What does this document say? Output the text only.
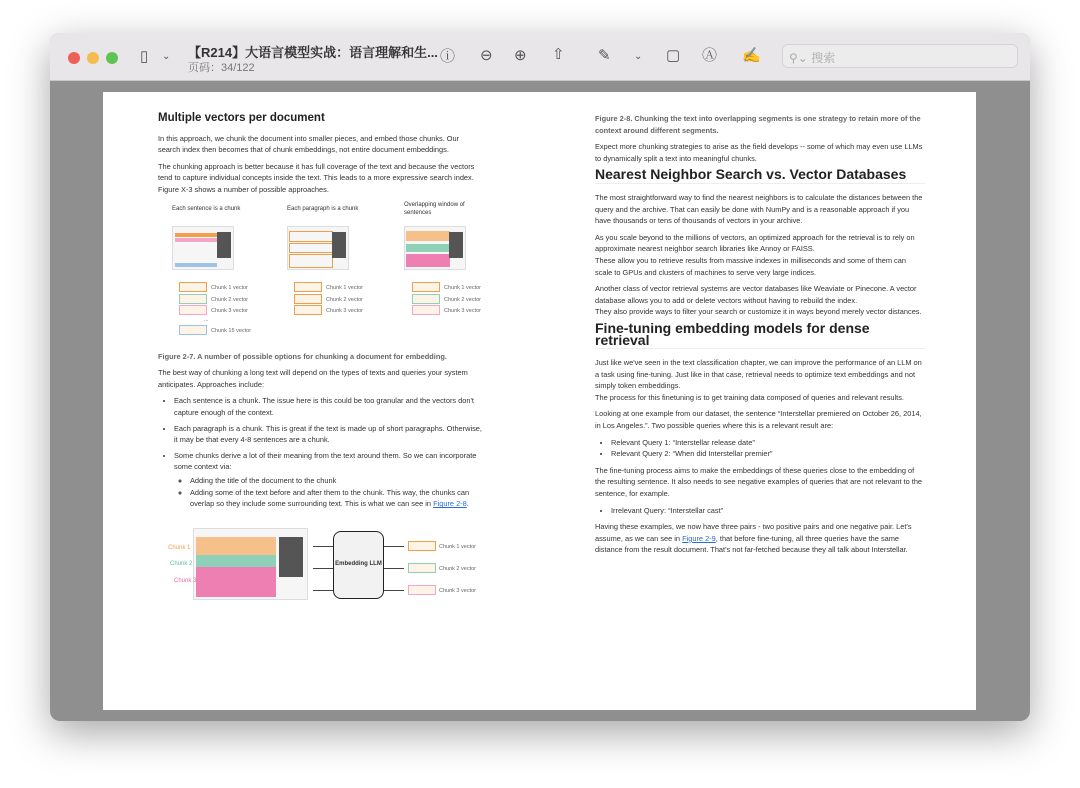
▯ ⌄ 【R214】大语言模型实战：语言理解和生...
页码：34/122
ⓘ ⊖ ⊕ ⇧ ✎ ⌄ ▢ Ⓐ ✍	⚲⌄ 搜索
Multiple vectors per document

In this approach, we chunk the document into smaller pieces, and embed those chunks. Our search index then becomes that of chunk embeddings, not entire document embeddings.

The chunking approach is better because it has full coverage of the text and because the vectors tend to capture individual concepts inside the text. This leads to a more expressive search index. Figure X-3 shows a number of possible approaches.

Each sentence is a chunk	Each paragraph is a chunk
Overlapping window of sentences
Chunk 1 vector
Chunk 2 vector
Chunk 3 vector
...
Chunk 15 vector
Chunk 1 vector
Chunk 2 vector
Chunk 3 vector
Chunk 1 vector
Chunk 2 vector
Chunk 3 vector

Figure 2-7. A number of possible options for chunking a document for embedding.

The best way of chunking a long text will depend on the types of texts and queries your system anticipates. Approaches include:

• Each sentence is a chunk. The issue here is this could be too granular and the vectors don't capture enough of the context.
• Each paragraph is a chunk. This is great if the text is made up of short paragraphs. Otherwise, it may be that every 4-8 sentences are a chunk.
• Some chunks derive a lot of their meaning from the text around them. So we can incorporate some context via:
◦ Adding the title of the document to the chunk
◦ Adding some of the text before and after them to the chunk. This way, the chunks can overlap so they include some surrounding text. This is what we can see in Figure 2-8.
Chunk 1
Chunk 2
Chunk 3
Embedding LLM
Chunk 1 vector
Chunk 2 vector
Chunk 3 vector

Figure 2-8. Chunking the text into overlapping segments is one strategy to retain more of the context around different segments.

Expect more chunking strategies to arise as the field develops -- some of which may even use LLMs to dynamically split a text into meaningful chunks.

Nearest Neighbor Search vs. Vector Databases

The most straightforward way to find the nearest neighbors is to calculate the distances between the query and the archive. That can easily be done with NumPy and is a reasonable approach if you have thousands or tens of thousands of vectors in your archive.

As you scale beyond to the millions of vectors, an optimized approach for the retrieval is to rely on approximate nearest neighbor search libraries like Annoy or FAISS.
These allow you to retrieve results from massive indexes in milliseconds and some of them can scale to GPUs and clusters of machines to serve very large indices.

Another class of vector retrieval systems are vector databases like Weaviate or Pinecone. A vector database allows you to add or delete vectors without having to rebuild the index.
They also provide ways to filter your search or customize it in ways beyond merely vector distances.

Fine-tuning embedding models for dense retrieval

Just like we've seen in the text classification chapter, we can improve the performance of an LLM on a task using fine-tuning. Just like in that case, retrieval needs to optimize text embeddings and not simply token embeddings.
The process for this finetuning is to get training data composed of queries and relevant results.

Looking at one example from our dataset, the sentence “Interstellar premiered on October 26, 2014, in Los Angeles.”. Two possible queries where this is a relevant result are:

• Relevant Query 1: “Interstellar release date”
• Relevant Query 2: “When did Interstellar premier”

The fine-tuning process aims to make the embeddings of these queries close to the embedding of the resulting sentence. It also needs to see negative examples of queries that are not relevant to the sentence, for example.

• Irrelevant Query: “Interstellar cast”

Having these examples, we now have three pairs - two positive pairs and one negative pair. Let's assume, as we can see in Figure 2-9, that before fine-tuning, all three queries have the same distance from the result document. That's not far-fetched because they all talk about Interstellar.
